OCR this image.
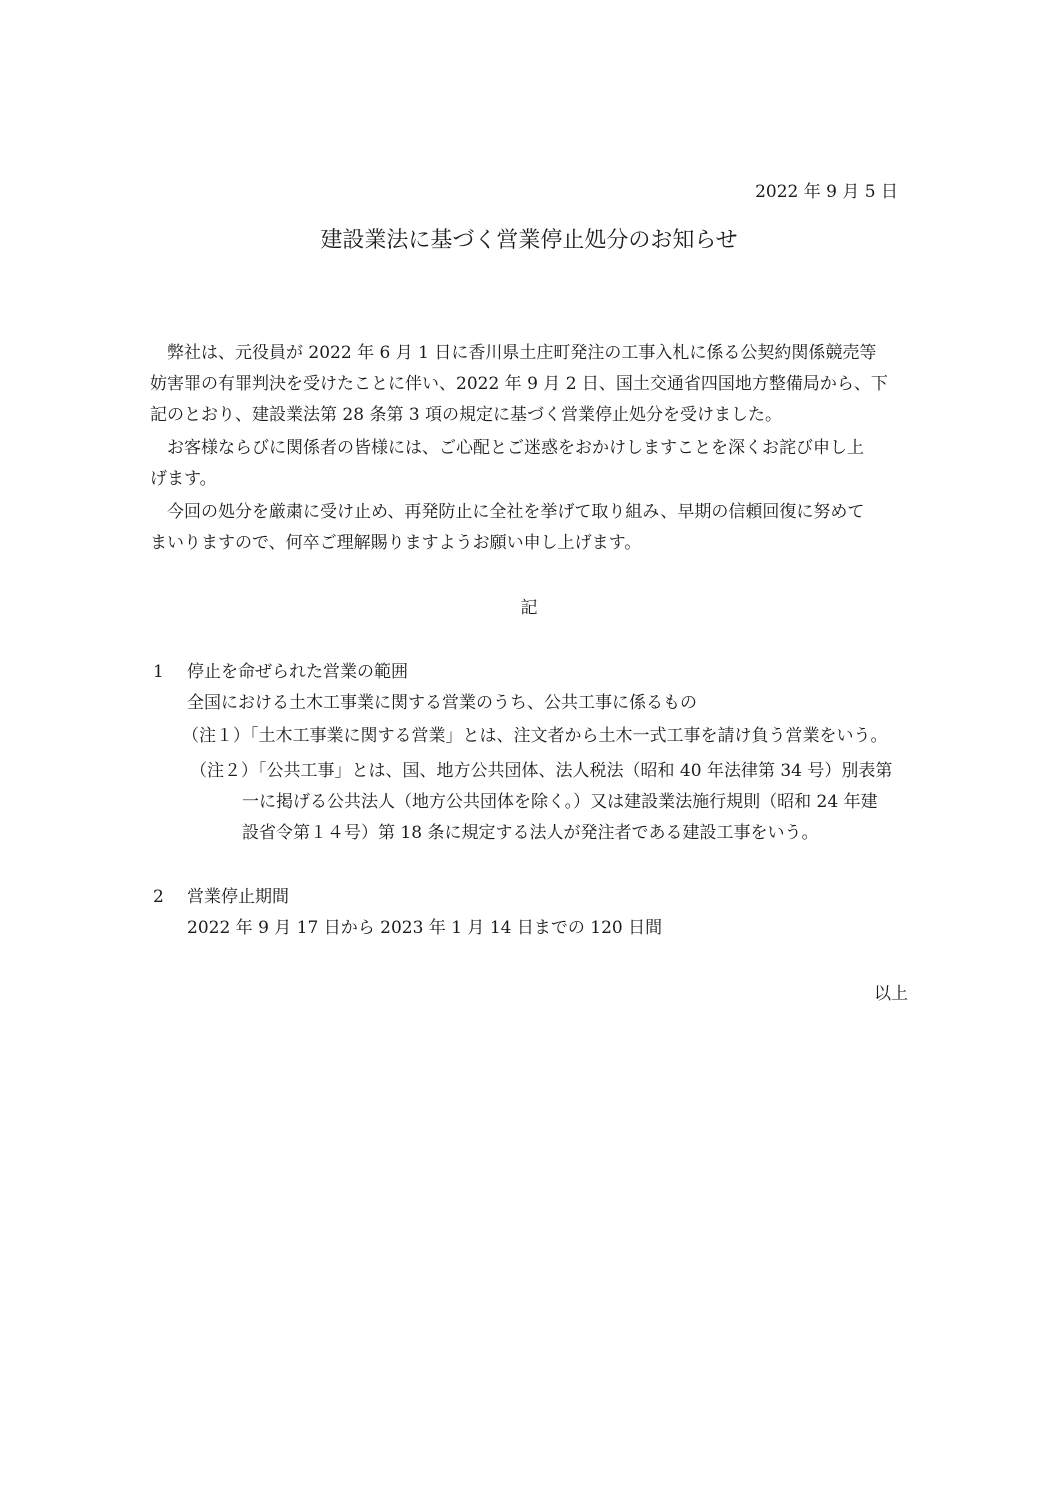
2022 年 9 月 5 日
建設業法に基づく営業停止処分のお知らせ
　弊社は、元役員が 2022 年 6 月 1 日に香川県土庄町発注の工事入札に係る公契約関係競売等
妨害罪の有罪判決を受けたことに伴い、2022 年 9 月 2 日、国土交通省四国地方整備局から、下
記のとおり、建設業法第 28 条第 3 項の規定に基づく営業停止処分を受けました。
　お客様ならびに関係者の皆様には、ご心配とご迷惑をおかけしますことを深くお詫び申し上
げます。
　今回の処分を厳粛に受け止め、再発防止に全社を挙げて取り組み、早期の信頼回復に努めて
まいりますので、何卒ご理解賜りますようお願い申し上げます。
記
1 停止を命ぜられた営業の範囲
全国における土木工事業に関する営業のうち、公共工事に係るもの
（注１）「土木工事業に関する営業」とは、注文者から土木一式工事を請け負う営業をいう。
（注２）「公共工事」とは、国、地方公共団体、法人税法（昭和 40 年法律第 34 号）別表第
一に掲げる公共法人（地方公共団体を除く。）又は建設業法施行規則（昭和 24 年建
設省令第１４号）第 18 条に規定する法人が発注者である建設工事をいう。
2 営業停止期間
2022 年 9 月 17 日から 2023 年 1 月 14 日までの 120 日間
以上
